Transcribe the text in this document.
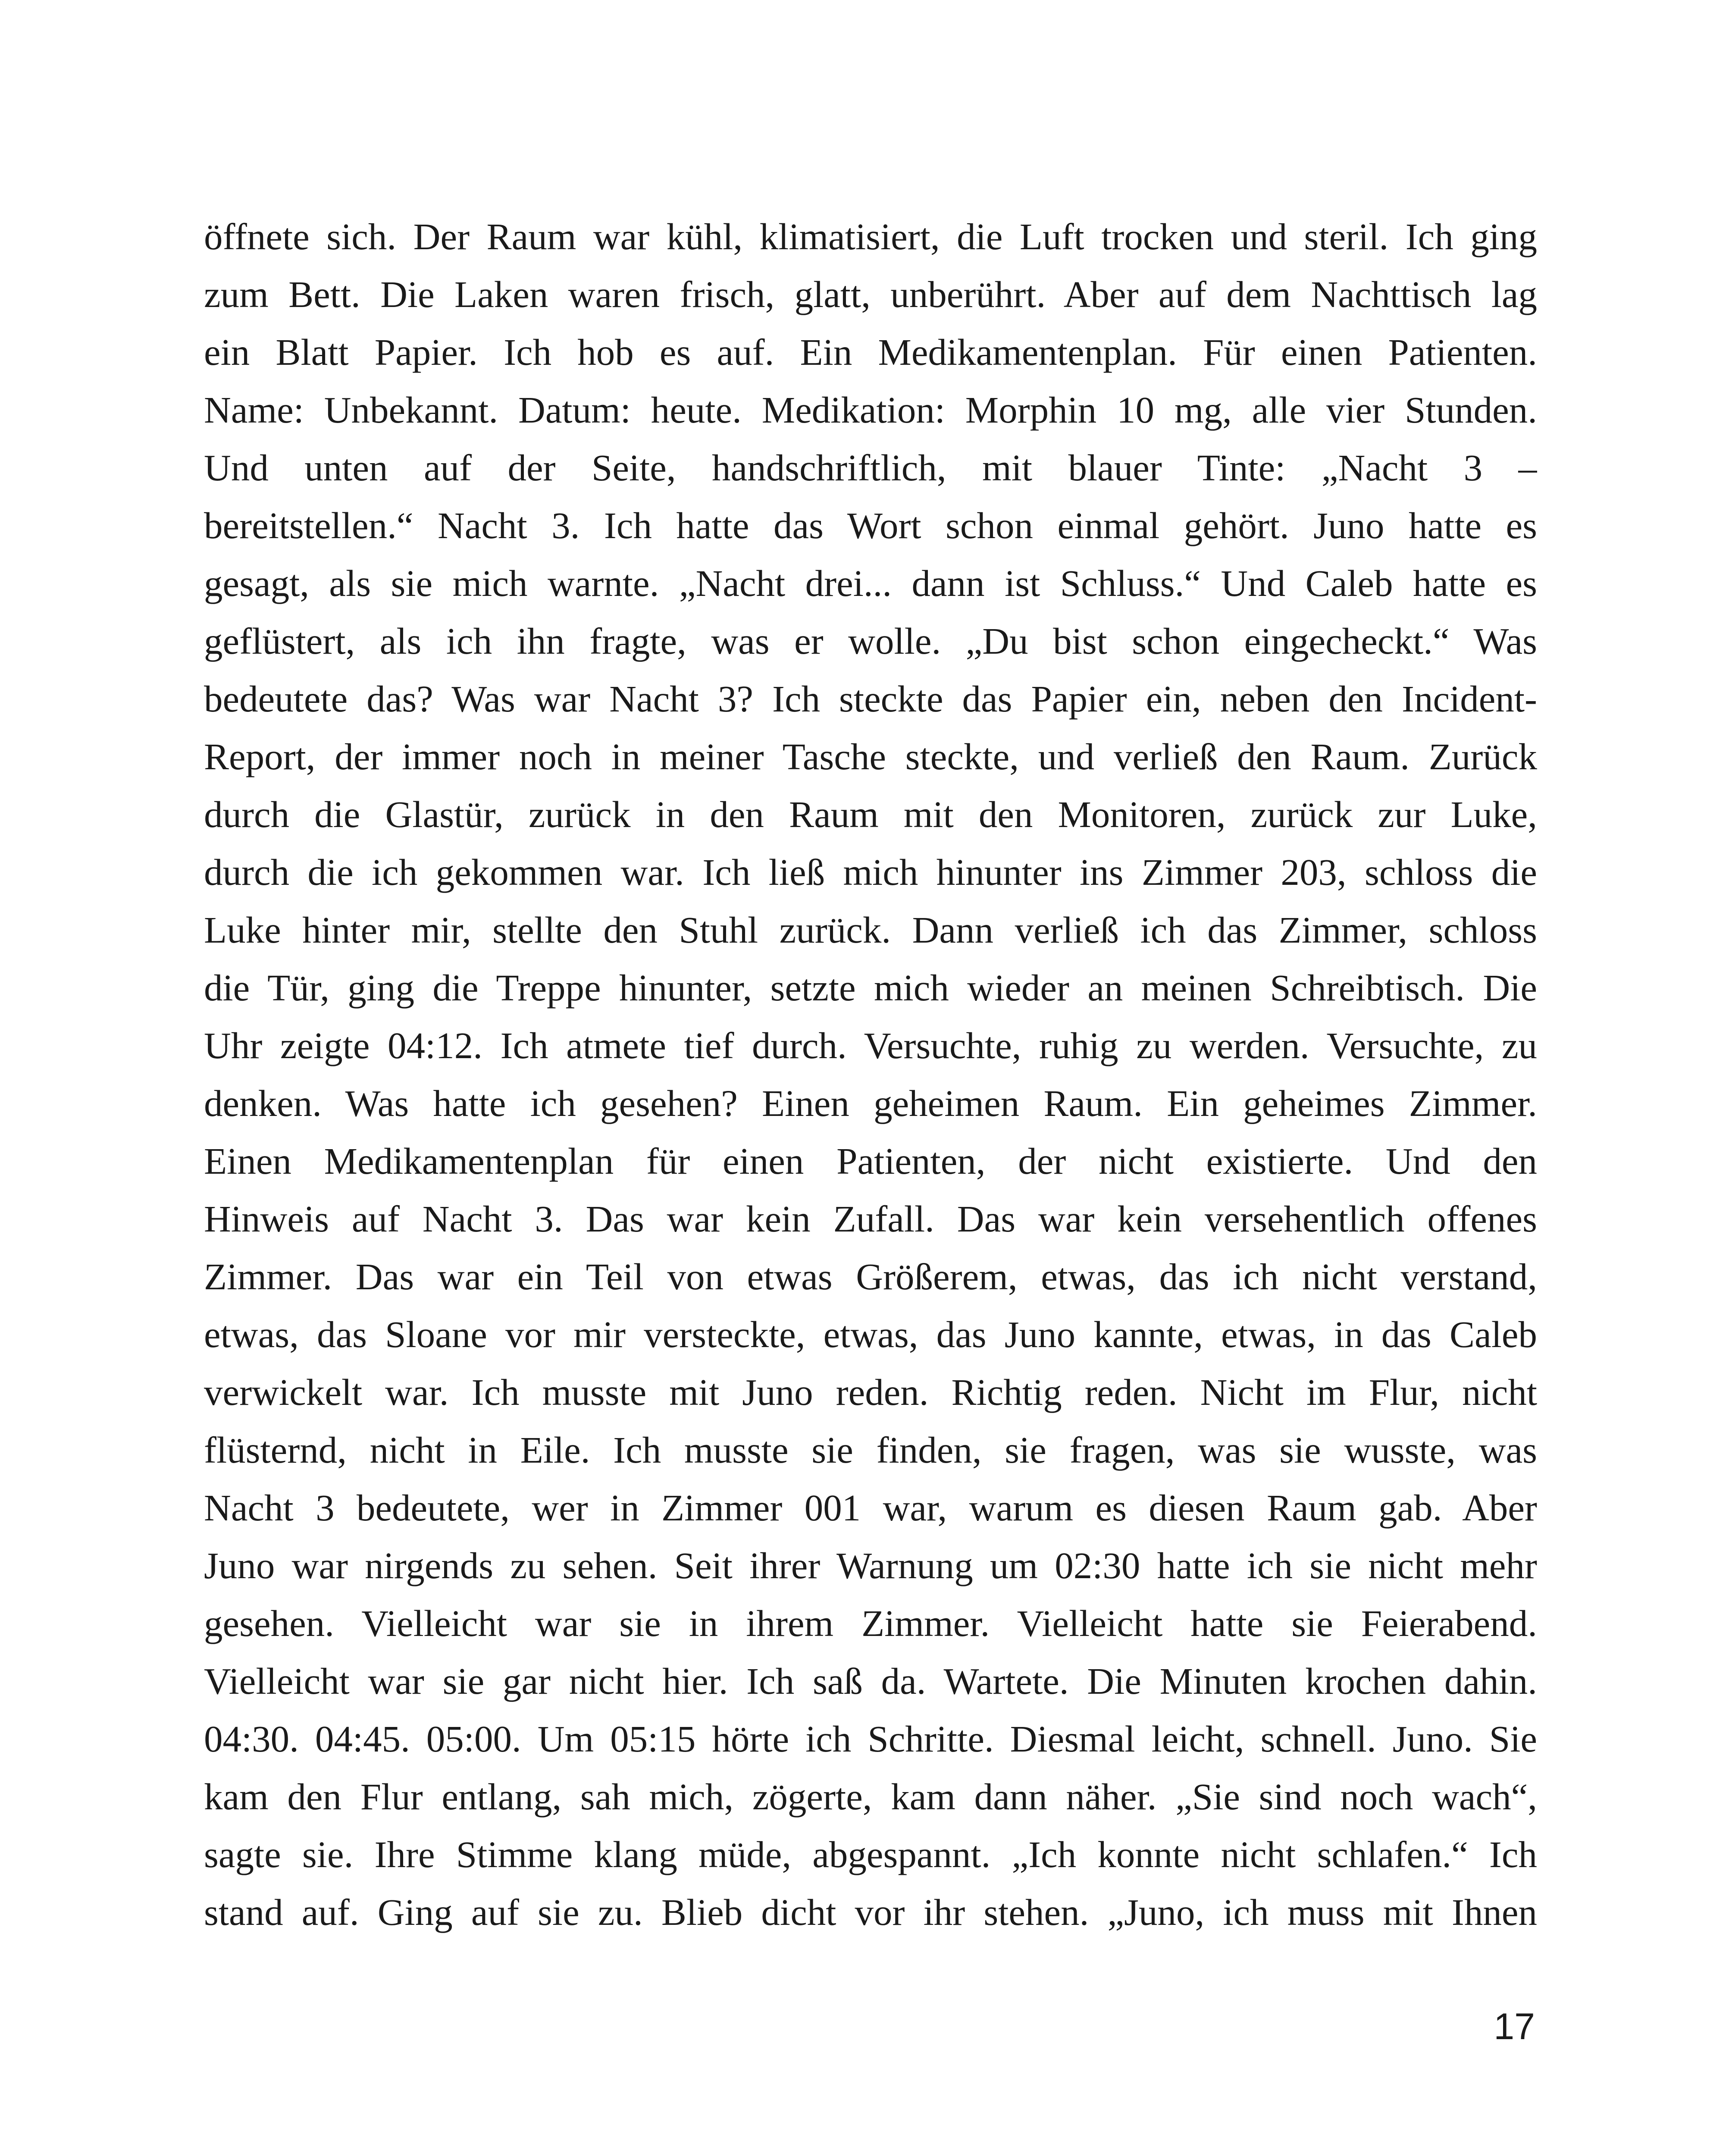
öffnete sich. Der Raum war kühl, klimatisiert, die Luft trocken und steril. Ich ging
zum Bett. Die Laken waren frisch, glatt, unberührt. Aber auf dem Nachttisch lag
ein Blatt Papier. Ich hob es auf. Ein Medikamentenplan. Für einen Patienten.
Name: Unbekannt. Datum: heute. Medikation: Morphin 10 mg, alle vier Stunden.
Und unten auf der Seite, handschriftlich, mit blauer Tinte: „Nacht 3 –
bereitstellen.“ Nacht 3. Ich hatte das Wort schon einmal gehört. Juno hatte es
gesagt, als sie mich warnte. „Nacht drei... dann ist Schluss.“ Und Caleb hatte es
geflüstert, als ich ihn fragte, was er wolle. „Du bist schon eingecheckt.“ Was
bedeutete das? Was war Nacht 3? Ich steckte das Papier ein, neben den Incident-
Report, der immer noch in meiner Tasche steckte, und verließ den Raum. Zurück
durch die Glastür, zurück in den Raum mit den Monitoren, zurück zur Luke,
durch die ich gekommen war. Ich ließ mich hinunter ins Zimmer 203, schloss die
Luke hinter mir, stellte den Stuhl zurück. Dann verließ ich das Zimmer, schloss
die Tür, ging die Treppe hinunter, setzte mich wieder an meinen Schreibtisch. Die
Uhr zeigte 04:12. Ich atmete tief durch. Versuchte, ruhig zu werden. Versuchte, zu
denken. Was hatte ich gesehen? Einen geheimen Raum. Ein geheimes Zimmer.
Einen Medikamentenplan für einen Patienten, der nicht existierte. Und den
Hinweis auf Nacht 3. Das war kein Zufall. Das war kein versehentlich offenes
Zimmer. Das war ein Teil von etwas Größerem, etwas, das ich nicht verstand,
etwas, das Sloane vor mir versteckte, etwas, das Juno kannte, etwas, in das Caleb
verwickelt war. Ich musste mit Juno reden. Richtig reden. Nicht im Flur, nicht
flüsternd, nicht in Eile. Ich musste sie finden, sie fragen, was sie wusste, was
Nacht 3 bedeutete, wer in Zimmer 001 war, warum es diesen Raum gab. Aber
Juno war nirgends zu sehen. Seit ihrer Warnung um 02:30 hatte ich sie nicht mehr
gesehen. Vielleicht war sie in ihrem Zimmer. Vielleicht hatte sie Feierabend.
Vielleicht war sie gar nicht hier. Ich saß da. Wartete. Die Minuten krochen dahin.
04:30. 04:45. 05:00. Um 05:15 hörte ich Schritte. Diesmal leicht, schnell. Juno. Sie
kam den Flur entlang, sah mich, zögerte, kam dann näher. „Sie sind noch wach“,
sagte sie. Ihre Stimme klang müde, abgespannt. „Ich konnte nicht schlafen.“ Ich
stand auf. Ging auf sie zu. Blieb dicht vor ihr stehen. „Juno, ich muss mit Ihnen
17
